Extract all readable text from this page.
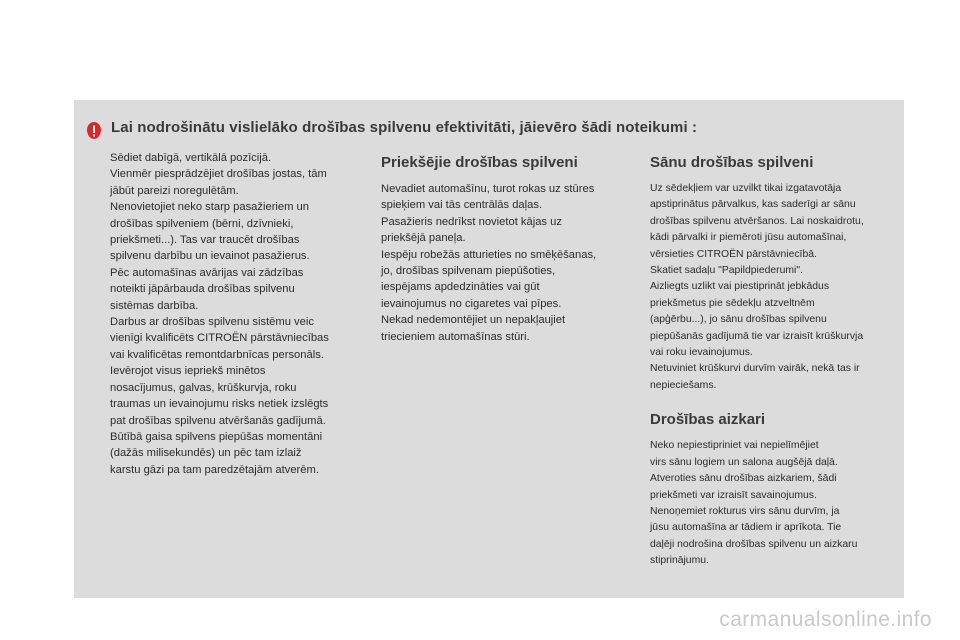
Lai nodrošinātu vislielāko drošības spilvenu efektivitāti, jāievēro šādi noteikumi :

Sēdiet dabīgā, vertikālā pozīcijā.

Vienmēr piesprādzējiet drošības jostas, tām

jābūt pareizi noregulētām.

Nenovietojiet neko starp pasažieriem un

drošības spilveniem (bērni, dzīvnieki,

priekšmeti...). Tas var traucēt drošības

spilvenu darbību un ievainot pasažierus.

Pēc automašīnas avārijas vai zādzības

noteikti jāpārbauda drošības spilvenu

sistēmas darbība.

Darbus ar drošības spilvenu sistēmu veic

vienīgi kvalificēts CITROËN pārstāvniecības

vai kvalificētas remontdarbnīcas personāls.

Ievērojot visus iepriekš minētos

nosacījumus, galvas, krūškurvja, roku

traumas un ievainojumu risks netiek izslēgts

pat drošības spilvenu atvēršanās gadījumā.

Būtībā gaisa spilvens piepūšas momentāni

(dažās milisekundēs) un pēc tam izlaiž

karstu gāzi pa tam paredzētajām atverēm.

Priekšējie drošības spilveni

Nevadiet automašīnu, turot rokas uz stūres

spieķiem vai tās centrālās daļas.

Pasažieris nedrīkst novietot kājas uz

priekšējā paneļa.

Iespēju robežās atturieties no smēķēšanas,

jo, drošības spilvenam piepūšoties,

iespējams apdedzināties vai gūt

ievainojumus no cigaretes vai pīpes.

Nekad nedemontējiet un nepakļaujiet

triecieniem automašīnas stūri.

Sānu drošības spilveni

Uz sēdekļiem var uzvilkt tikai izgatavotāja

apstiprinātus pārvalkus, kas saderīgi ar sānu

drošības spilvenu atvēršanos. Lai noskaidrotu,

kādi pārvalki ir piemēroti jūsu automašīnai,

vērsieties CITROËN pārstāvniecībā.

Skatiet sadaļu "Papildpiederumi".

Aizliegts uzlikt vai piestiprināt jebkādus

priekšmetus pie sēdekļu atzveltnēm

(apģērbu...), jo sānu drošības spilvenu

piepūšanās gadījumā tie var izraisīt krūškurvja

vai roku ievainojumus.

Netuviniet krūškurvi durvīm vairāk, nekā tas ir

nepieciešams.

Drošības aizkari

Neko nepiestipriniet vai nepielīmējiet

virs sānu logiem un salona augšējā daļā.

Atveroties sānu drošības aizkariem, šādi

priekšmeti var izraisīt savainojumus.

Nenoņemiet rokturus virs sānu durvīm, ja

jūsu automašīna ar tādiem ir aprīkota. Tie

daļēji nodrošina drošības spilvenu un aizkaru

stiprinājumu.

carmanualsonline.info
